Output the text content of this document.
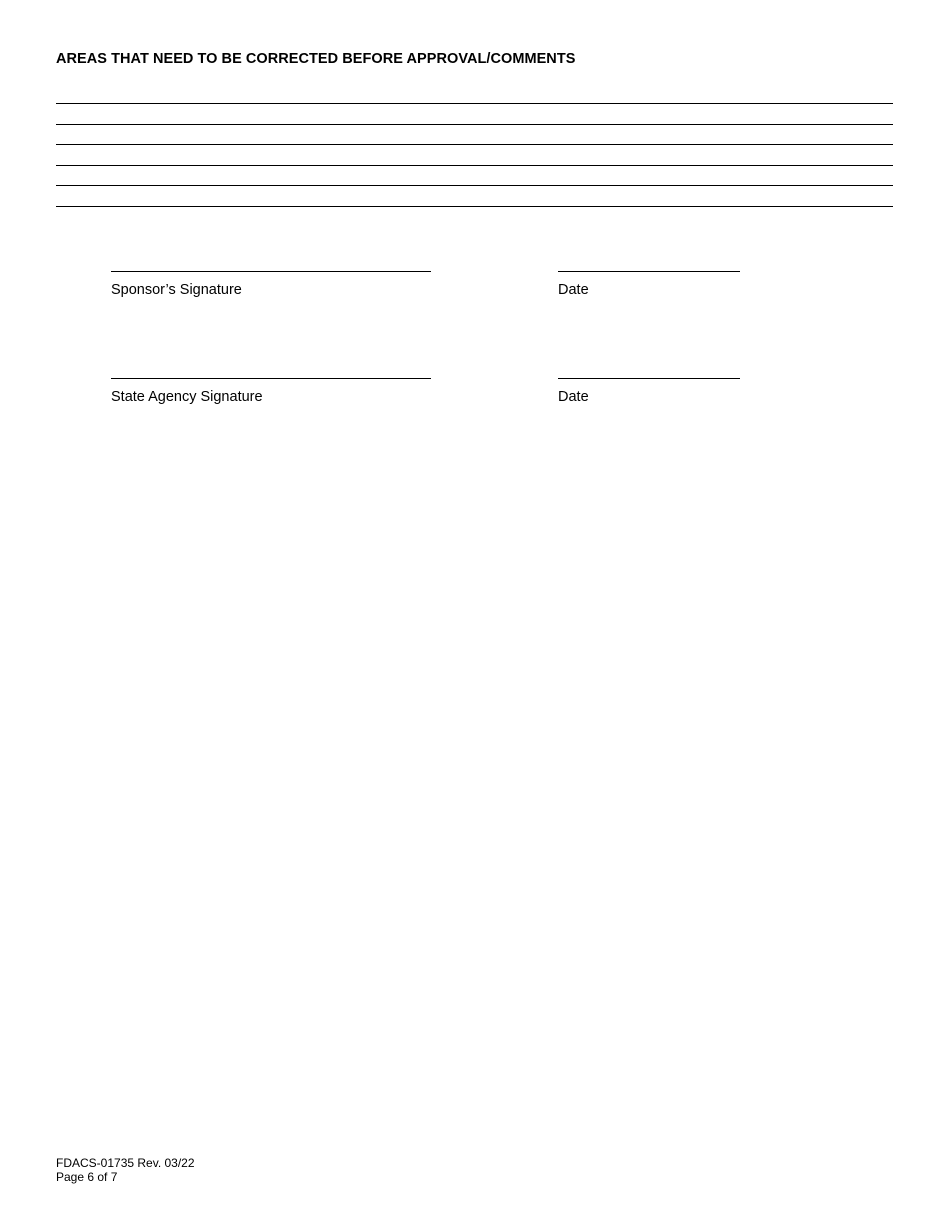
AREAS THAT NEED TO BE CORRECTED BEFORE APPROVAL/COMMENTS
Sponsor’s Signature	Date
State Agency Signature	Date
FDACS-01735 Rev. 03/22
Page 6 of 7
